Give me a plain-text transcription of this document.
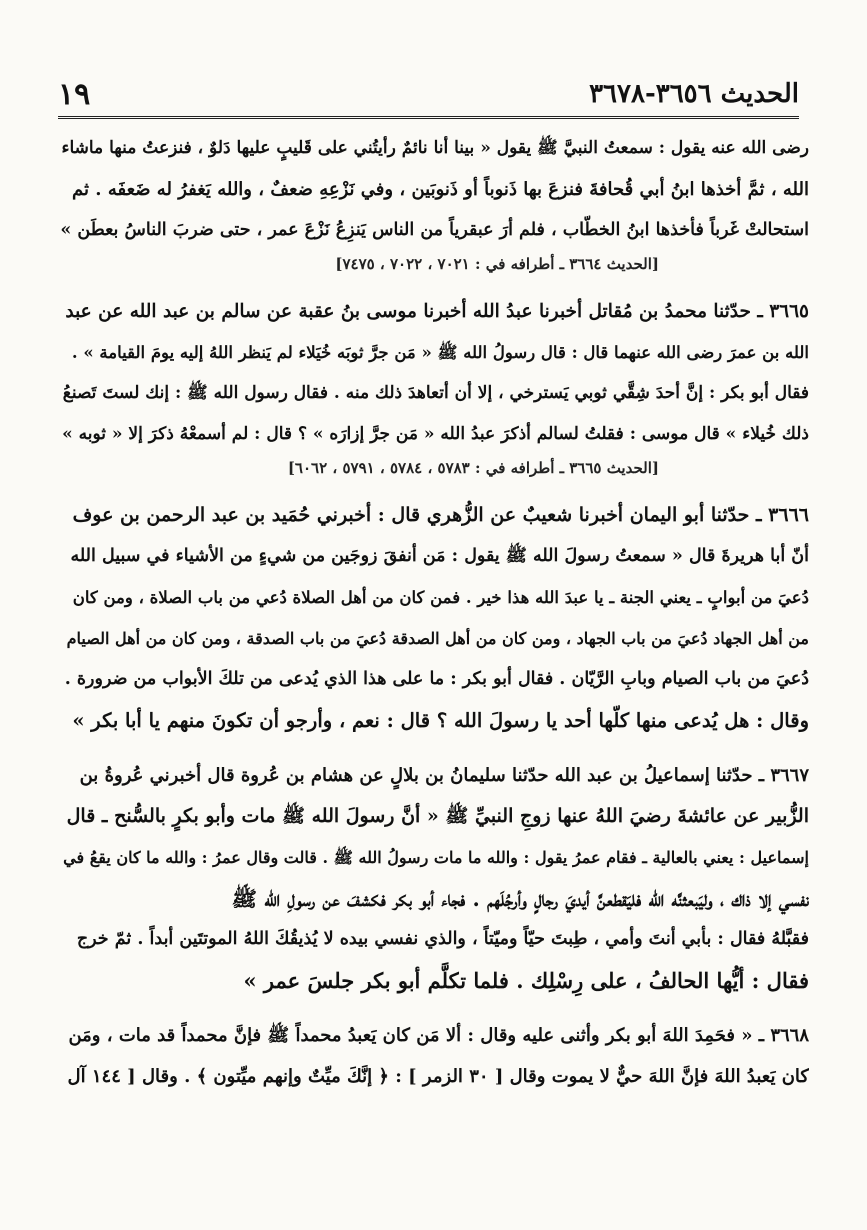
الحديث ٣٦٥٦-٣٦٧٨
١٩
رضى الله عنه يقول : سمعتُ النبيَّ ﷺ يقول « بينا أنا نائمٌ رأيتُني على قَليبٍ عليها دَلوٌ ، فنزعتُ منها ماشاء
الله ، ثمَّ أخذها ابنُ أبي قُحافةَ فنزعَ بها ذَنوباً أو ذَنوبَين ، وفي نَزْعِهِ ضعفٌ ، والله يَغفرُ له ضَعفَه . ثم
استحالتْ غَرباً فأخذها ابنُ الخطّاب ، فلم أرَ عبقرياً من الناس يَنزِعُ نَزْعَ عمر ، حتى ضربَ الناسُ بعطَن »
[الحديث ٣٦٦٤ ـ أطرافه في : ٧٠٢١ ، ٧٠٢٢ ، ٧٤٧٥]
٣٦٦٥ ـ حدّثنا محمدُ بن مُقاتل أخبرنا عبدُ الله أخبرنا موسى بنُ عقبة عن سالم بن عبد الله عن عبد
الله بن عمرَ رضى الله عنهما قال : قال رسولُ الله ﷺ « مَن جرَّ ثوبَه خُيَلاء لم يَنظر اللهُ إليه يومَ القيامة » .
فقال أبو بكر : إنَّ أحدَ شِقَّي ثوبي يَسترخي ، إلا أن أتعاهدَ ذلك منه . فقال رسول الله ﷺ : إنك لستَ تَصنعُ
ذلك خُيلاء » قال موسى : فقلتُ لسالم أذكرَ عبدُ الله « مَن جرَّ إزارَه » ؟ قال : لم أسمعْهُ ذكرَ إلا « ثوبه »
[الحديث ٣٦٦٥ ـ أطرافه في : ٥٧٨٣ ، ٥٧٨٤ ، ٥٧٩١ ، ٦٠٦٢]
٣٦٦٦ ـ حدّثنا أبو اليمان أخبرنا شعيبٌ عن الزُّهري قال : أخبرني حُمَيد بن عبد الرحمن بن عوف
أنّ أبا هريرةَ قال « سمعتُ رسولَ الله ﷺ يقول : مَن أنفقَ زوجَين من شيءٍ من الأشياء في سبيل الله
دُعيَ من أبوابٍ ـ يعني الجنة ـ يا عبدَ الله هذا خير . فمن كان من أهل الصلاة دُعي من باب الصلاة ، ومن كان
من أهل الجهاد دُعيَ من باب الجهاد ، ومن كان من أهل الصدقة دُعيَ من باب الصدقة ، ومن كان من أهل الصيام
دُعيَ من باب الصيام وبابِ الرَّيّان . فقال أبو بكر : ما على هذا الذي يُدعى من تلكَ الأبواب من ضرورة .
وقال : هل يُدعى منها كلّها أحد يا رسولَ الله ؟ قال : نعم ، وأرجو أن تكونَ منهم يا أبا بكر »
٣٦٦٧ ـ حدّثنا إسماعيلُ بن عبد الله حدّثنا سليمانُ بن بلالٍ عن هشام بن عُروة قال أخبرني عُروةُ بن
الزُّبير عن عائشةَ رضيَ اللهُ عنها زوجِ النبيِّ ﷺ « أنَّ رسولَ الله ﷺ مات وأبو بكرٍ بالسُّنح ـ قال
إسماعيل : يعني بالعالية ـ فقام عمرُ يقول : والله ما مات رسولُ الله ﷺ . قالت وقال عمرُ : والله ما كان يقعُ في
نفسي إلا ذاك ، وليَبعثنَّه الله فليَقطعنَّ أيديَ رجالٍ وأرجُلَهم . فجاء أبو بكر فكشفَ عن رسولِ الله ﷺ
فقبَّلهُ فقال : بأبي أنتَ وأمي ، طِبتَ حيّاً وميّتاً ، والذي نفسي بيده لا يُذيقُكَ اللهُ الموتتَين أبداً . ثمّ خرج
فقال : أيُّها الحالفُ ، على رِسْلِك . فلما تكلَّم أبو بكر جلسَ عمر »
٣٦٦٨ ـ « فحَمِدَ اللهَ أبو بكر وأثنى عليه وقال : ألا مَن كان يَعبدُ محمداً ﷺ فإنَّ محمداً قد مات ، ومَن
كان يَعبدُ اللهَ فإنَّ اللهَ حيٌّ لا يموت وقال [ ٣٠ الزمر ] : ﴿ إنَّكَ ميِّتٌ وإنهم ميِّتون ﴾ . وقال [ ١٤٤ آل
